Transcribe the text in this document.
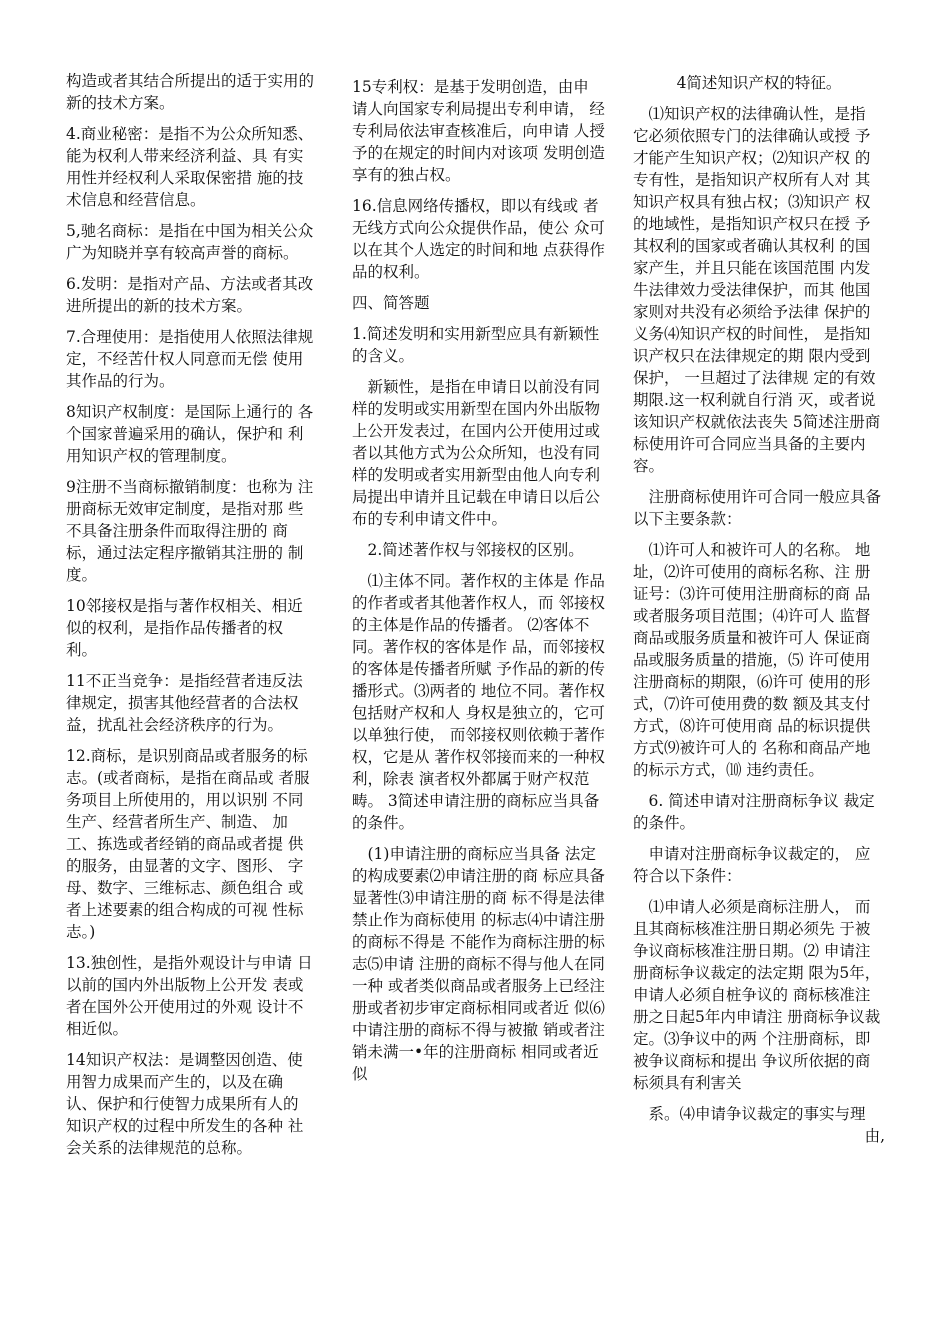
构造或者其结合所提出的适于实用的新的技术方案。

4.商业秘密：是指不为公众所知悉、能为权利人带来经济利益、具 有实用性并经权利人采取保密措 施的技术信息和经营信息。

5,驰名商标：是指在中国为相关公众广为知晓并享有较高声誉的商标。

6.发明：是指对产品、方法或者其改进所提出的新的技术方案。

7.合理使用：是指使用人依照法律规定，不经苦什权人同意而无偿 使用其作品的行为。

8知识产权制度：是国际上通行的 各个国家普遍采用的确认，保护和 利用知识产权的管理制度。

9注册不当商标撤销制度：也称为 注册商标无效审定制度，是指对那 些不具备注册条件而取得注册的 商标，通过法定程序撤销其注册的 制度。

10邻接权是指与著作权相关、相近 似的权利，是指作品传播者的权 利。

11不正当竞争：是指经营者违反法 律规定，损害其他经营者的合法权 益，扰乱社会经济秩序的行为。

12.商标，是识别商品或者服务的标志。(或者商标，是指在商品或 者服务项目上所使用的，用以识别 不同生产、经营者所生产、制造、 加工、拣选或者经销的商品或者提 供的服务，由显著的文字、图形、 字母、数字、三维标志、颜色组合 或者上述要素的组合构成的可视 性标志。)

13.独创性，是指外观设计与申请 日以前的国内外出版物上公开发 表或者在国外公开使用过的外观 设计不相近似。

14知识产权法：是调整因创造、使 用智力成果而产生的，以及在确 认、保护和行使智力成果所有人的 知识产权的过程中所发生的各种 社会关系的法律规范的总称。

15专利权：是基于发明创造，由申 请人向国家专利局提出专利申请， 经专利局依法审查核准后，向申请 人授予的在规定的时间内对该项 发明创造享有的独占权。

16.信息网络传播权，即以有线或 者无线方式向公众提供作品，使公 众可以在其个人选定的时间和地 点获得作品的权利。

四、简答题

1.简述发明和实用新型应具有新颖性的含义。

新颖性，是指在申请日以前没有同样的发明或实用新型在国内外出版物上公开发表过，在国内公开使用过或者以其他方式为公众所知，也没有同样的发明或者实用新型由他人向专利局提出申请并且记载在申请日以后公布的专利申请文件中。

2.简述著作权与邻接权的区别。

⑴主体不同。著作权的主体是 作品的作者或者其他著作权人，而 邻接权的主体是作品的传播者。 ⑵客体不同。著作权的客体是作 品，而邻接权的客体是传播者所赋 予作品的新的传播形式。⑶两者的 地位不同。著作权包括财产权和人 身权是独立的，它可以单独行使， 而邻接权则依赖于著作权，它是从 著作权邻接而来的一种权利，除表 演者权外都属于财产权范畴。 3简述申请注册的商标应当具备的条件。

(1)申请注册的商标应当具备 法定的构成要素⑵申请注册的商 标应具备显著性⑶申请注册的商 标不得是法律禁止作为商标使用 的标志⑷中请注册的商标不得是 不能作为商标注册的标志⑸申请 注册的商标不得与他人在同一种 或者类似商品或者服务上已经注 册或者初步审定商标相同或者近 似⑹中请注册的商标不得与被撤 销或者注销未满一•年的注册商标 相同或者近似

4简述知识产权的特征。

⑴知识产权的法律确认性，是指 它必须依照专门的法律确认或授 予才能产生知识产权；⑵知识产权 的专有性，是指知识产权所有人对 其知识产权具有独占权；⑶知识产 权的地域性，是指知识产权只在授 予其权利的国家或者确认其权利 的国家产生，并且只能在该国范围 内发牛法律效力受法律保护，而其 他国家则对共没有必须给予法律 保护的义务⑷知识产权的时间性， 是指知识产权只在法律规定的期 限内受到保护， 一旦超过了法律规 定的有效期限.这一权利就自行消 灭，或者说该知识产权就依法丧失 5简述注册商标使用许可合同应当具备的主要内容。

注册商标使用许可合同一般应具备以下主要条款：

⑴许可人和被许可人的名称。 地址，⑵许可使用的商标名称、注 册证号：⑶许可使用注册商标的商 品或者服务项目范围；⑷许可人 监督商品或服务质量和被许可人 保证商品或服务质量的措施，⑸ 许可使用注册商标的期限，⑹许可 使用的形式，⑺许可使用费的数 额及其支付方式，⑻许可使用商 品的标识提供方式⑼被许可人的 名称和商品产地的标示方式，⑽ 违约责任。

6. 简述申请对注册商标争议 裁定的条件。

申请对注册商标争议裁定的， 应符合以下条件：

⑴申请人必须是商标注册人， 而且其商标核准注册日期必须先 于被争议商标核准注册日期。⑵ 申请注册商标争议裁定的法定期 限为5年，申请人必须自桩争议的 商标核准注册之日起5年内申请注 册商标争议裁定。⑶争议中的两 个注册商标，即被争议商标和提出 争议所依据的商标须具有利害关

系。⑷申请争议裁定的事实与理

由,
